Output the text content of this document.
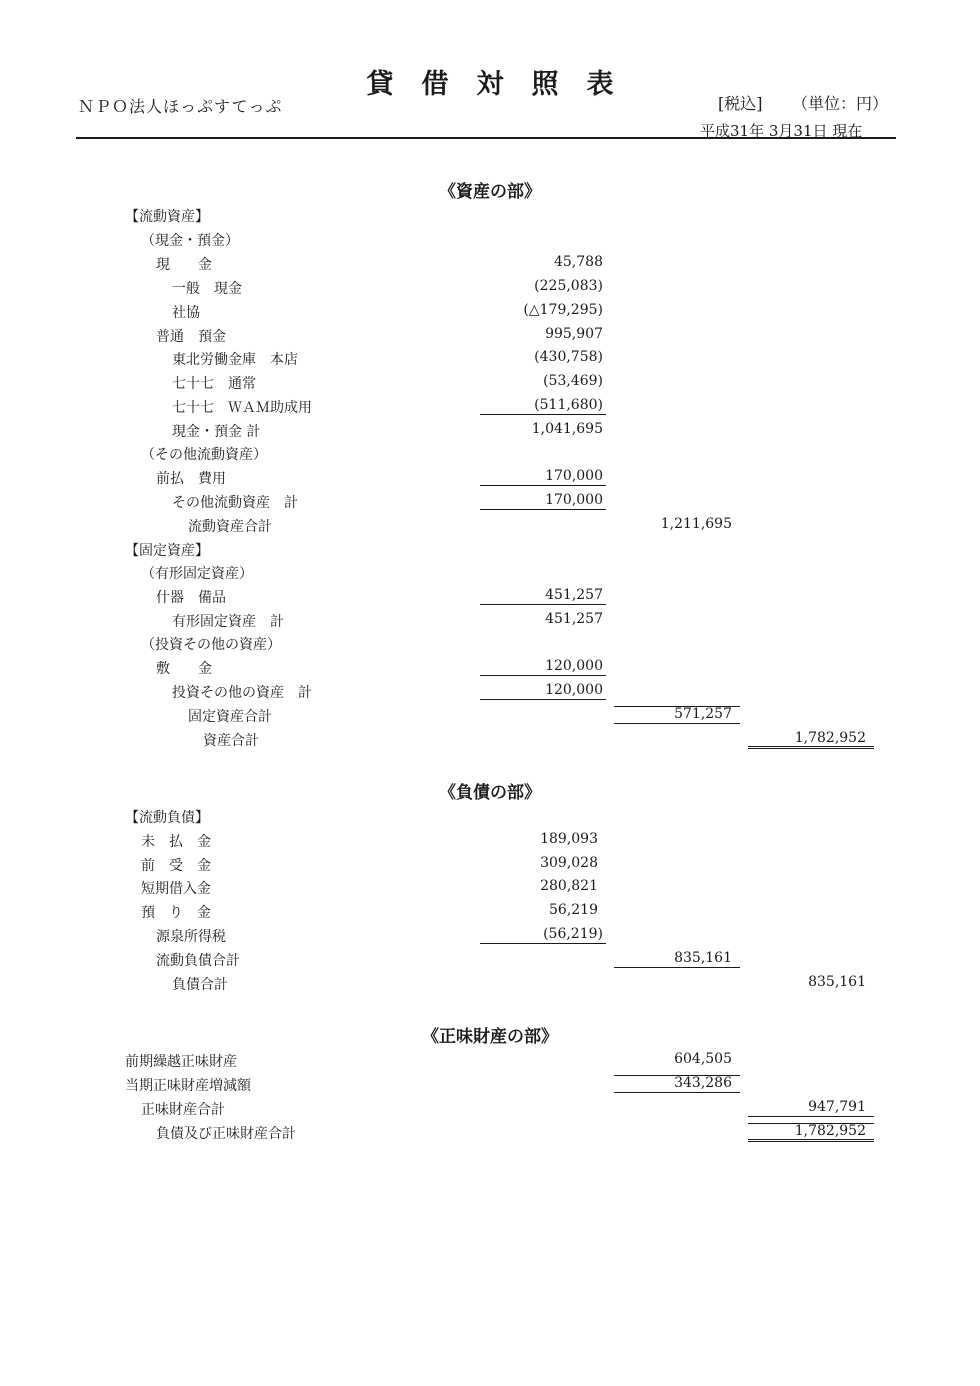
貸借対照表
ＮＰＯ法人ほっぷすてっぷ	[税込] （単位：円）
平成31年 3月31日 現在
《資産の部》
【流動資産】
（現金・預金）
現　　金	45,788
一般　現金	(225,083)
社協	(△179,295)
普通　預金	995,907
東北労働金庫　本店	(430,758)
七十七　通常	(53,469)
七十七　ＷＡＭ助成用	(511,680)
現金・預金 計	1,041,695
（その他流動資産）
前払　費用	170,000
その他流動資産　計	170,000
流動資産合計	1,211,695
【固定資産】
（有形固定資産）
什器　備品	451,257
有形固定資産　計	451,257
（投資その他の資産）
敷　　金	120,000
投資その他の資産　計	120,000
固定資産合計	571,257
資産合計	1,782,952
《負債の部》
【流動負債】
未　払　金	189,093
前　受　金	309,028
短期借入金	280,821
預　り　金	56,219
源泉所得税	(56,219)
流動負債合計	835,161
負債合計	835,161
《正味財産の部》
前期繰越正味財産	604,505
当期正味財産増減額	343,286
正味財産合計	947,791
負債及び正味財産合計	1,782,952
